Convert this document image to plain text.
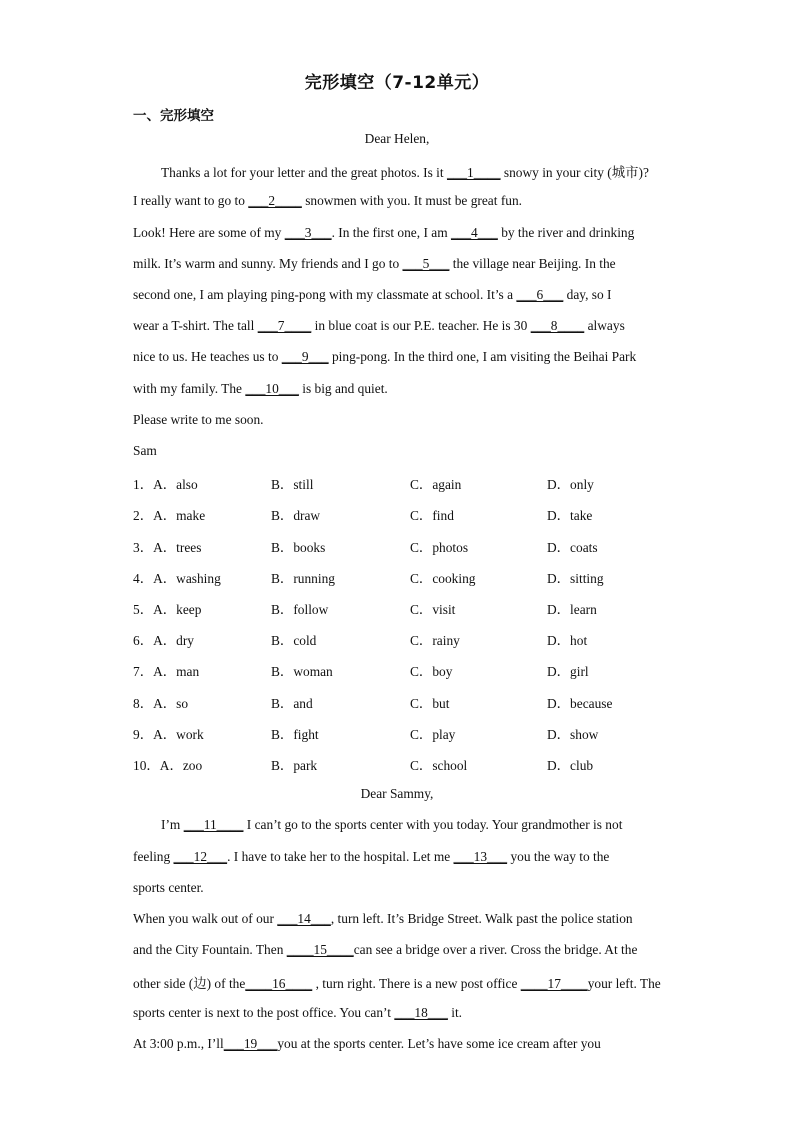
完形填空（7-12单元）
一、完形填空
Dear Helen,
Thanks a lot for your letter and the great photos. Is it ___1____ snowy in your city (城市)?
I really want to go to ___2____ snowmen with you. It must be great fun.
Look! Here are some of my ___3___. In the first one, I am ___4___ by the river and drinking
milk. It’s warm and sunny. My friends and I go to ___5___ the village near Beijing. In the
second one, I am playing ping-pong with my classmate at school. It’s a ___6___ day, so I
wear a T-shirt. The tall ___7____ in blue coat is our P.E. teacher. He is 30 ___8____ always
nice to us. He teaches us to ___9___ ping-pong. In the third one, I am visiting the Beihai Park
with my family. The ___10___ is big and quiet.
Please write to me soon.
Sam
1．A．also	B．still	C．again	D．only
2．A．make	B．draw	C．find	D．take
3．A．trees	B．books	C．photos	D．coats
4．A．washing	B．running	C．cooking	D．sitting
5．A．keep	B．follow	C．visit	D．learn
6．A．dry	B．cold	C．rainy	D．hot
7．A．man	B．woman	C．boy	D．girl
8．A．so	B．and	C．but	D．because
9．A．work	B．fight	C．play	D．show
10．A．zoo	B．park	C．school	D．club
Dear Sammy,
I’m ___11____ I can’t go to the sports center with you today. Your grandmother is not
feeling ___12___. I have to take her to the hospital. Let me ___13___ you the way to the
sports center.
When you walk out of our ___14___, turn left. It’s Bridge Street. Walk past the police station
and the City Fountain. Then ____15____can see a bridge over a river. Cross the bridge. At the
other side (边) of the____16____ , turn right. There is a new post office ____17____your left. The
sports center is next to the post office. You can’t ___18___ it.
At 3:00 p.m., I’ll___19___you at the sports center. Let’s have some ice cream after you
